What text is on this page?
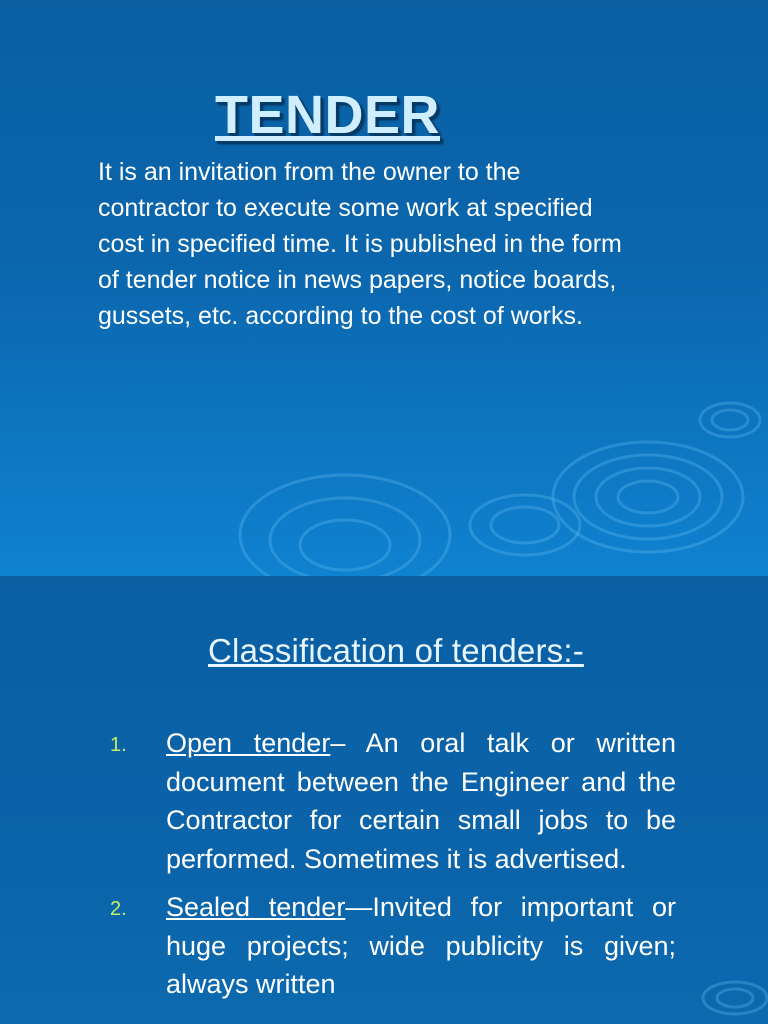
TENDER

It is an invitation from the owner to the contractor to execute some work at specified cost in specified time. It is published in the form of tender notice in news papers, notice boards, gussets, etc. according to the cost of works.

Classification of tenders:-
1.	Open tender– An oral talk or written document between the Engineer and the Contractor for certain small jobs to be performed. Sometimes it is advertised.
2.	Sealed tender—Invited for important or huge projects; wide publicity is given; always written
